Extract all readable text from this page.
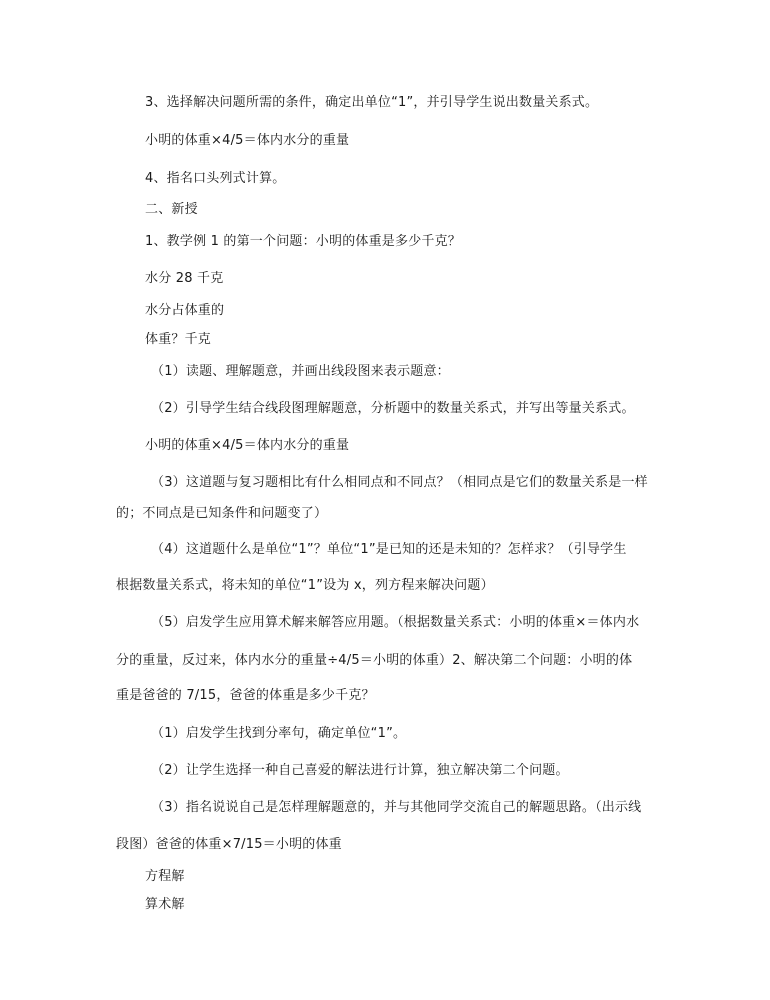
3、选择解决问题所需的条件，确定出单位“1”，并引导学生说出数量关系式。
小明的体重×4/5＝体内水分的重量
4、指名口头列式计算。
二、新授
1、教学例 1 的第一个问题：小明的体重是多少千克？
水分 28 千克
水分占体重的
体重？千克
（1）读题、理解题意，并画出线段图来表示题意：
（2）引导学生结合线段图理解题意，分析题中的数量关系式，并写出等量关系式。
小明的体重×4/5＝体内水分的重量
（3）这道题与复习题相比有什么相同点和不同点？（相同点是它们的数量关系是一样
的；不同点是已知条件和问题变了）
（4）这道题什么是单位“1”？单位“1”是已知的还是未知的？怎样求？（引导学生
根据数量关系式，将未知的单位“1”设为 x，列方程来解决问题）
（5）启发学生应用算术解来解答应用题。（根据数量关系式：小明的体重×＝体内水
分的重量，反过来，体内水分的重量÷4/5＝小明的体重）2、解决第二个问题：小明的体
重是爸爸的 7/15，爸爸的体重是多少千克？
（1）启发学生找到分率句，确定单位“1”。
（2）让学生选择一种自己喜爱的解法进行计算，独立解决第二个问题。
（3）指名说说自己是怎样理解题意的，并与其他同学交流自己的解题思路。（出示线
段图）爸爸的体重×7/15＝小明的体重
方程解
算术解
